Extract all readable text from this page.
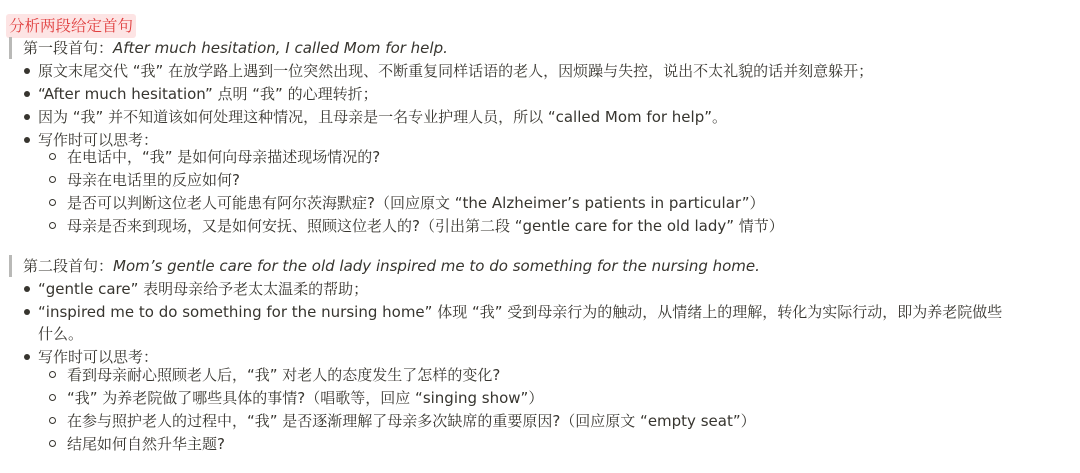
分析两段给定首句
第一段首句：After much hesitation, I called Mom for help.
原文末尾交代 “我” 在放学路上遇到一位突然出现、不断重复同样话语的老人，因烦躁与失控，说出不太礼貌的话并刻意躲开；
“After much hesitation” 点明 “我” 的心理转折；
因为 “我” 并不知道该如何处理这种情况，且母亲是一名专业护理人员，所以 “called Mom for help”。
写作时可以思考：
在电话中，“我” 是如何向母亲描述现场情况的?
母亲在电话里的反应如何?
是否可以判断这位老人可能患有阿尔茨海默症?（回应原文 “the Alzheimer’s patients in particular”）
母亲是否来到现场，又是如何安抚、照顾这位老人的?（引出第二段 “gentle care for the old lady” 情节）
第二段首句：Mom’s gentle care for the old lady inspired me to do something for the nursing home.
“gentle care” 表明母亲给予老太太温柔的帮助；
“inspired me to do something for the nursing home” 体现 “我” 受到母亲行为的触动，从情绪上的理解，转化为实际行动，即为养老院做些
什么。
写作时可以思考：
看到母亲耐心照顾老人后，“我” 对老人的态度发生了怎样的变化?
“我” 为养老院做了哪些具体的事情?（唱歌等，回应 “singing show”）
在参与照护老人的过程中，“我” 是否逐渐理解了母亲多次缺席的重要原因?（回应原文 “empty seat”）
结尾如何自然升华主题?
